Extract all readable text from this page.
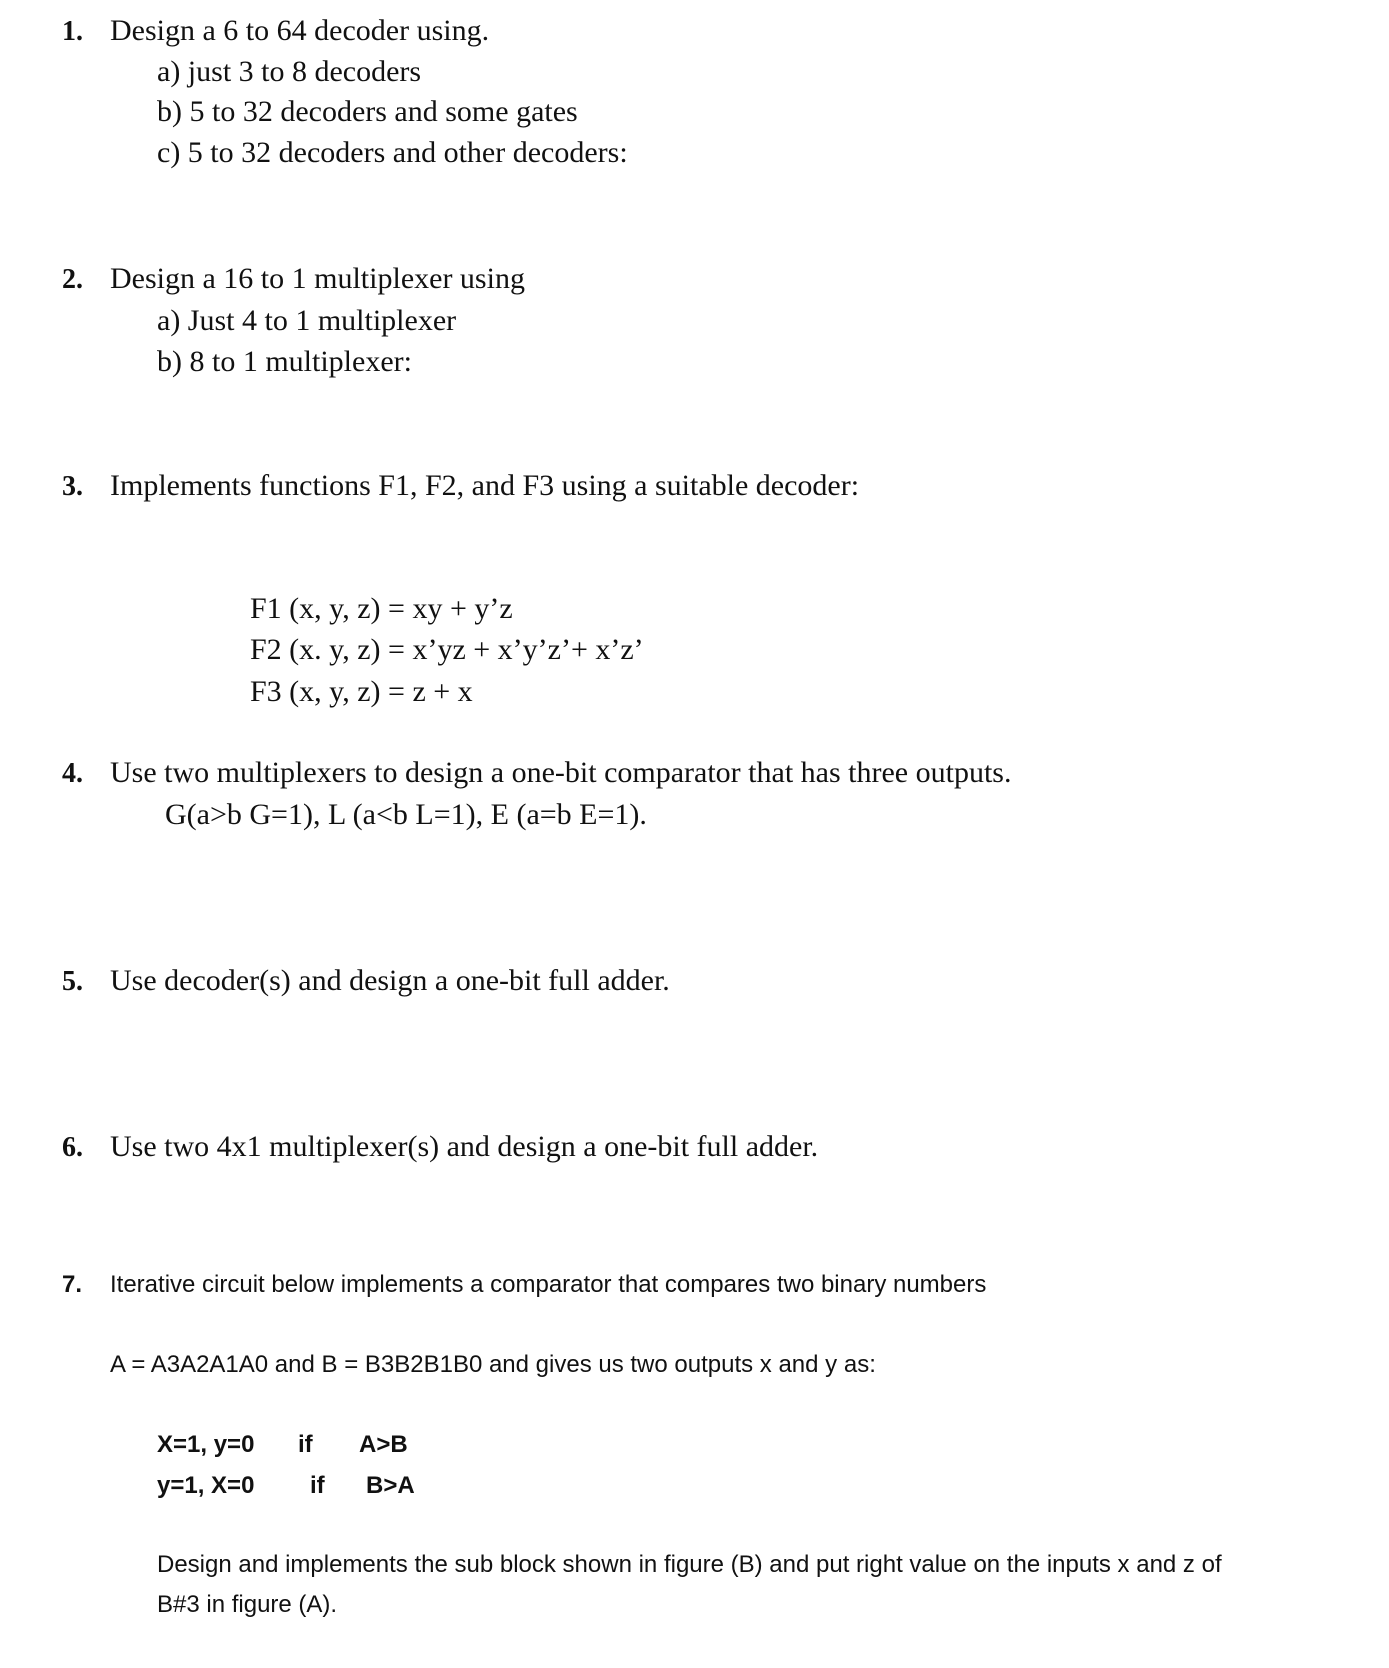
1. Design a 6 to 64 decoder using.
a) just 3 to 8 decoders
b) 5 to 32 decoders and some gates
c) 5 to 32 decoders and other decoders:
2. Design a 16 to 1 multiplexer using
a) Just 4 to 1 multiplexer
b) 8 to 1 multiplexer:
3. Implements functions F1, F2, and F3 using a suitable decoder:
F1 (x, y, z) = xy + y’z
F2 (x. y, z) = x’yz + x’y’z’+ x’z’
F3 (x, y, z) = z + x
4. Use two multiplexers to design a one-bit comparator that has three outputs.
G(a>b G=1), L (a<b L=1), E (a=b E=1).
5. Use decoder(s) and design a one-bit full adder.
6. Use two 4x1 multiplexer(s) and design a one-bit full adder.
7. Iterative circuit below implements a comparator that compares two binary numbers
A = A3A2A1A0 and B = B3B2B1B0 and gives us two outputs x and y as:
X=1, y=0 if A>B
y=1, X=0 if B>A
Design and implements the sub block shown in figure (B) and put right value on the inputs x and z of
B#3 in figure (A).
